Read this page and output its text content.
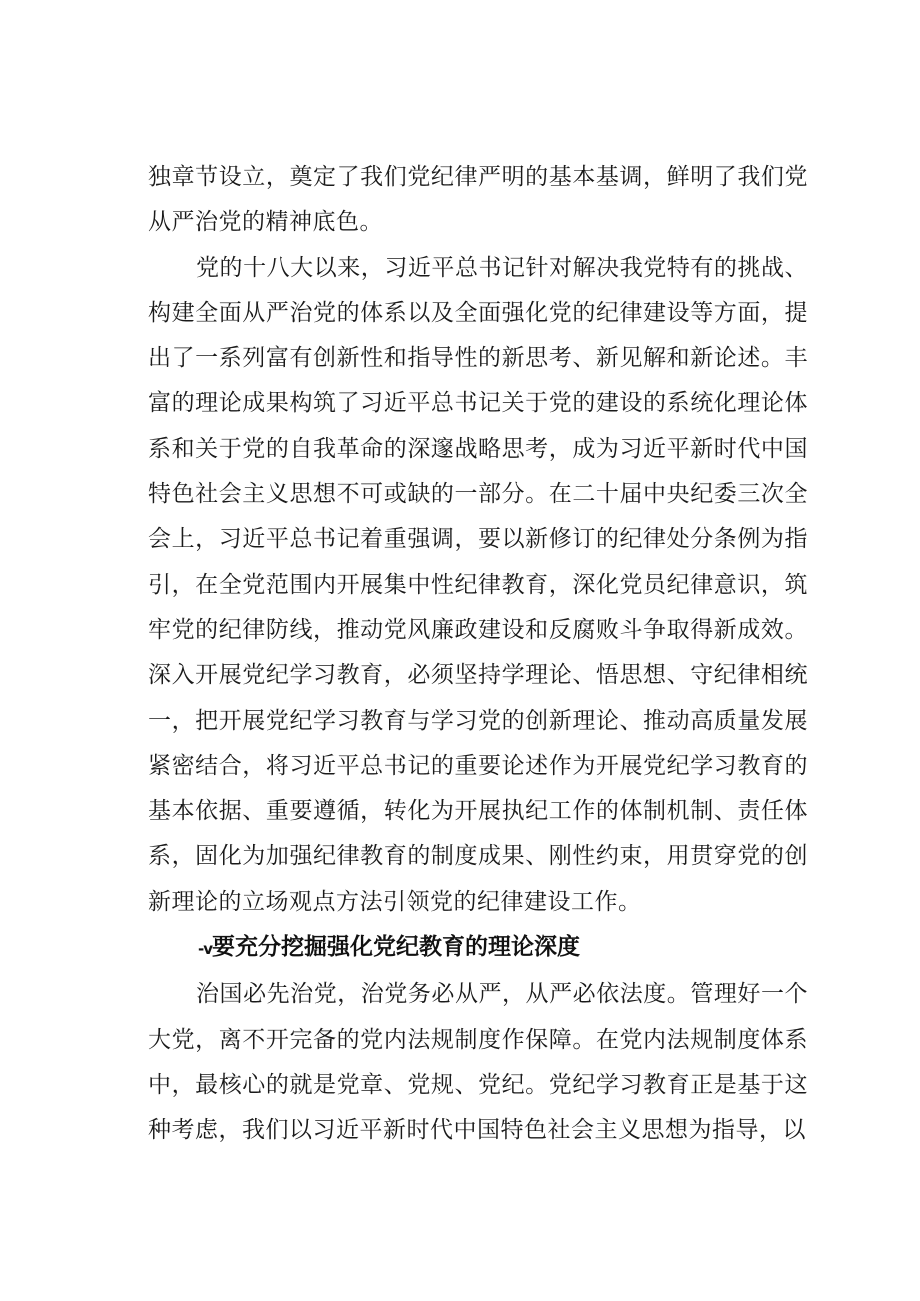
独章节设立，奠定了我们党纪律严明的基本基调，鲜明了我们党从严治党的精神底色。

党的十八大以来，习近平总书记针对解决我党特有的挑战、构建全面从严治党的体系以及全面强化党的纪律建设等方面，提出了一系列富有创新性和指导性的新思考、新见解和新论述。丰富的理论成果构筑了习近平总书记关于党的建设的系统化理论体系和关于党的自我革命的深邃战略思考，成为习近平新时代中国特色社会主义思想不可或缺的一部分。在二十届中央纪委三次全会上，习近平总书记着重强调，要以新修订的纪律处分条例为指引，在全党范围内开展集中性纪律教育，深化党员纪律意识，筑牢党的纪律防线，推动党风廉政建设和反腐败斗争取得新成效。深入开展党纪学习教育，必须坚持学理论、悟思想、守纪律相统一，把开展党纪学习教育与学习党的创新理论、推动高质量发展紧密结合，将习近平总书记的重要论述作为开展党纪学习教育的基本依据、重要遵循，转化为开展执纪工作的体制机制、责任体系，固化为加强纪律教育的制度成果、刚性约束，用贯穿党的创新理论的立场观点方法引领党的纪律建设工作。

-v要充分挖掘强化党纪教育的理论深度

治国必先治党，治党务必从严，从严必依法度。管理好一个大党，离不开完备的党内法规制度作保障。在党内法规制度体系中，最核心的就是党章、党规、党纪。党纪学习教育正是基于这种考虑，我们以习近平新时代中国特色社会主义思想为指导，以
